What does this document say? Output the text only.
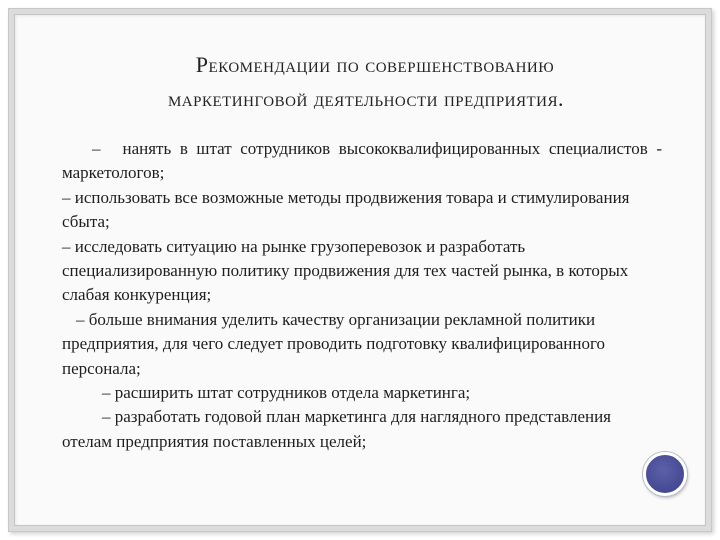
Рекомендации по совершенствованию
маркетинговой деятельности предприятия.

– нанять в штат сотрудников высококвалифицированных специалистов - маркетологов;

– использовать все возможные методы продвижения товара и стимулирования сбыта;

– исследовать ситуацию на рынке грузоперевозок и разработать специализированную политику продвижения для тех частей рынка, в которых слабая конкуренция;

– больше внимания уделить качеству организации рекламной политики предприятия, для чего следует проводить подготовку квалифицированного персонала;

– расширить штат сотрудников отдела маркетинга;

– разработать годовой план маркетинга для наглядного представления отелам предприятия поставленных целей;
